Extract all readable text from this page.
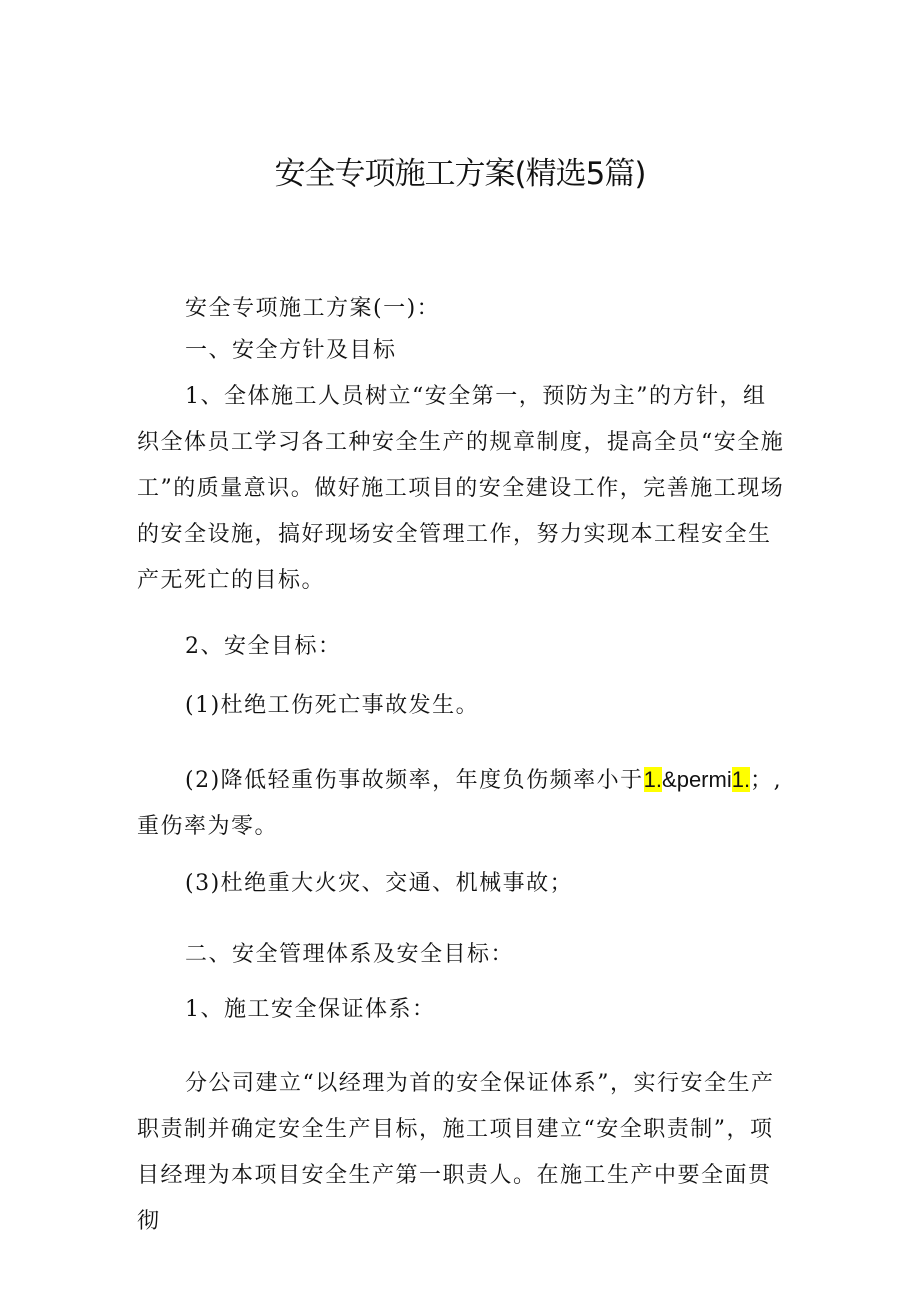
安全专项施工方案(精选5篇)

安全专项施工方案(一)：

一、安全方针及目标

1、全体施工人员树立“安全第一，预防为主”的方针，组织全体员工学习各工种安全生产的规章制度，提高全员“安全施工”的质量意识。做好施工项目的安全建设工作，完善施工现场的安全设施，搞好现场安全管理工作，努力实现本工程安全生产无死亡的目标。

2、安全目标：

(1)杜绝工伤死亡事故发生。

(2)降低轻重伤事故频率，年度负伤频率小于1.&permi1.；,重伤率为零。

(3)杜绝重大火灾、交通、机械事故；

二、安全管理体系及安全目标：

1、施工安全保证体系：

分公司建立“以经理为首的安全保证体系”，实行安全生产职责制并确定安全生产目标，施工项目建立“安全职责制”，项目经理为本项目安全生产第一职责人。在施工生产中要全面贯彻
